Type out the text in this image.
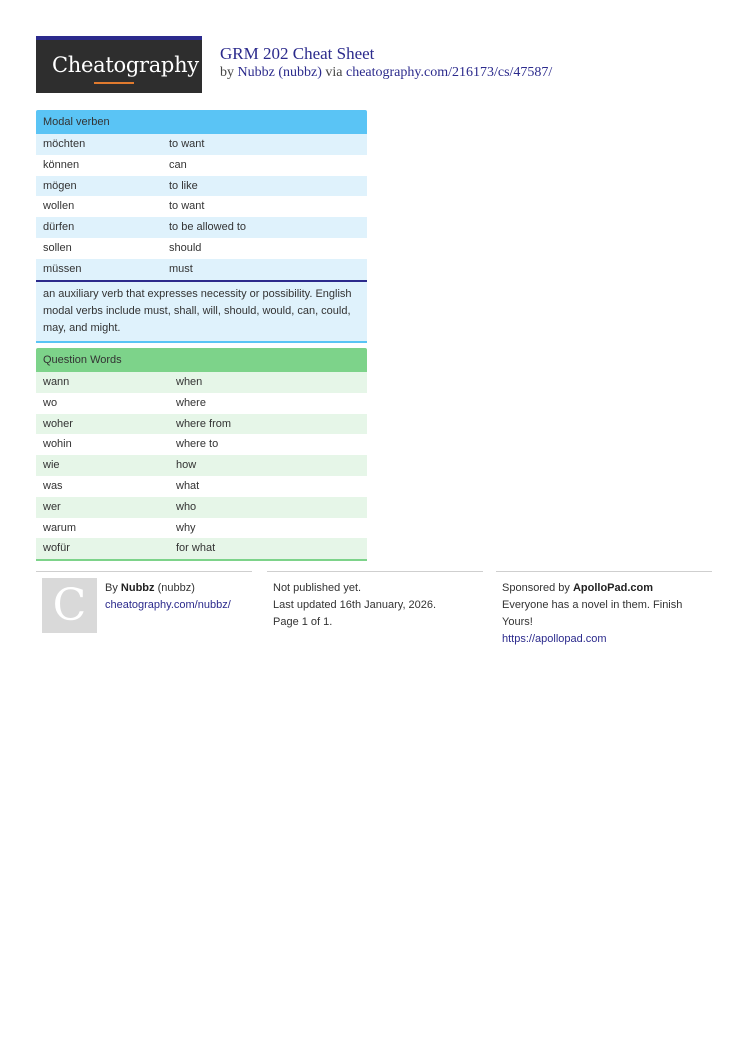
Cheatography GRM 202 Cheat Sheet
by Nubbz (nubbz) via cheatography.com/216173/cs/47587/
Modal verben
möchten	to want
können	can
mögen	to like
wollen	to want
dürfen	to be allowed to
sollen	should
müssen	must
an auxiliary verb that expresses necessity or possibility. English modal verbs include must, shall, will, should, would, can, could, may, and might.
Question Words
wann	when
wo	where
woher	where from
wohin	where to
wie	how
was	what
wer	who
warum	why
wofür	for what
C	By Nubbz (nubbz)
cheatography.com/nubbz/
Not published yet.
Last updated 16th January, 2026.
Page 1 of 1.
Sponsored by ApolloPad.com
Everyone has a novel in them. Finish Yours!
https://apollopad.com
